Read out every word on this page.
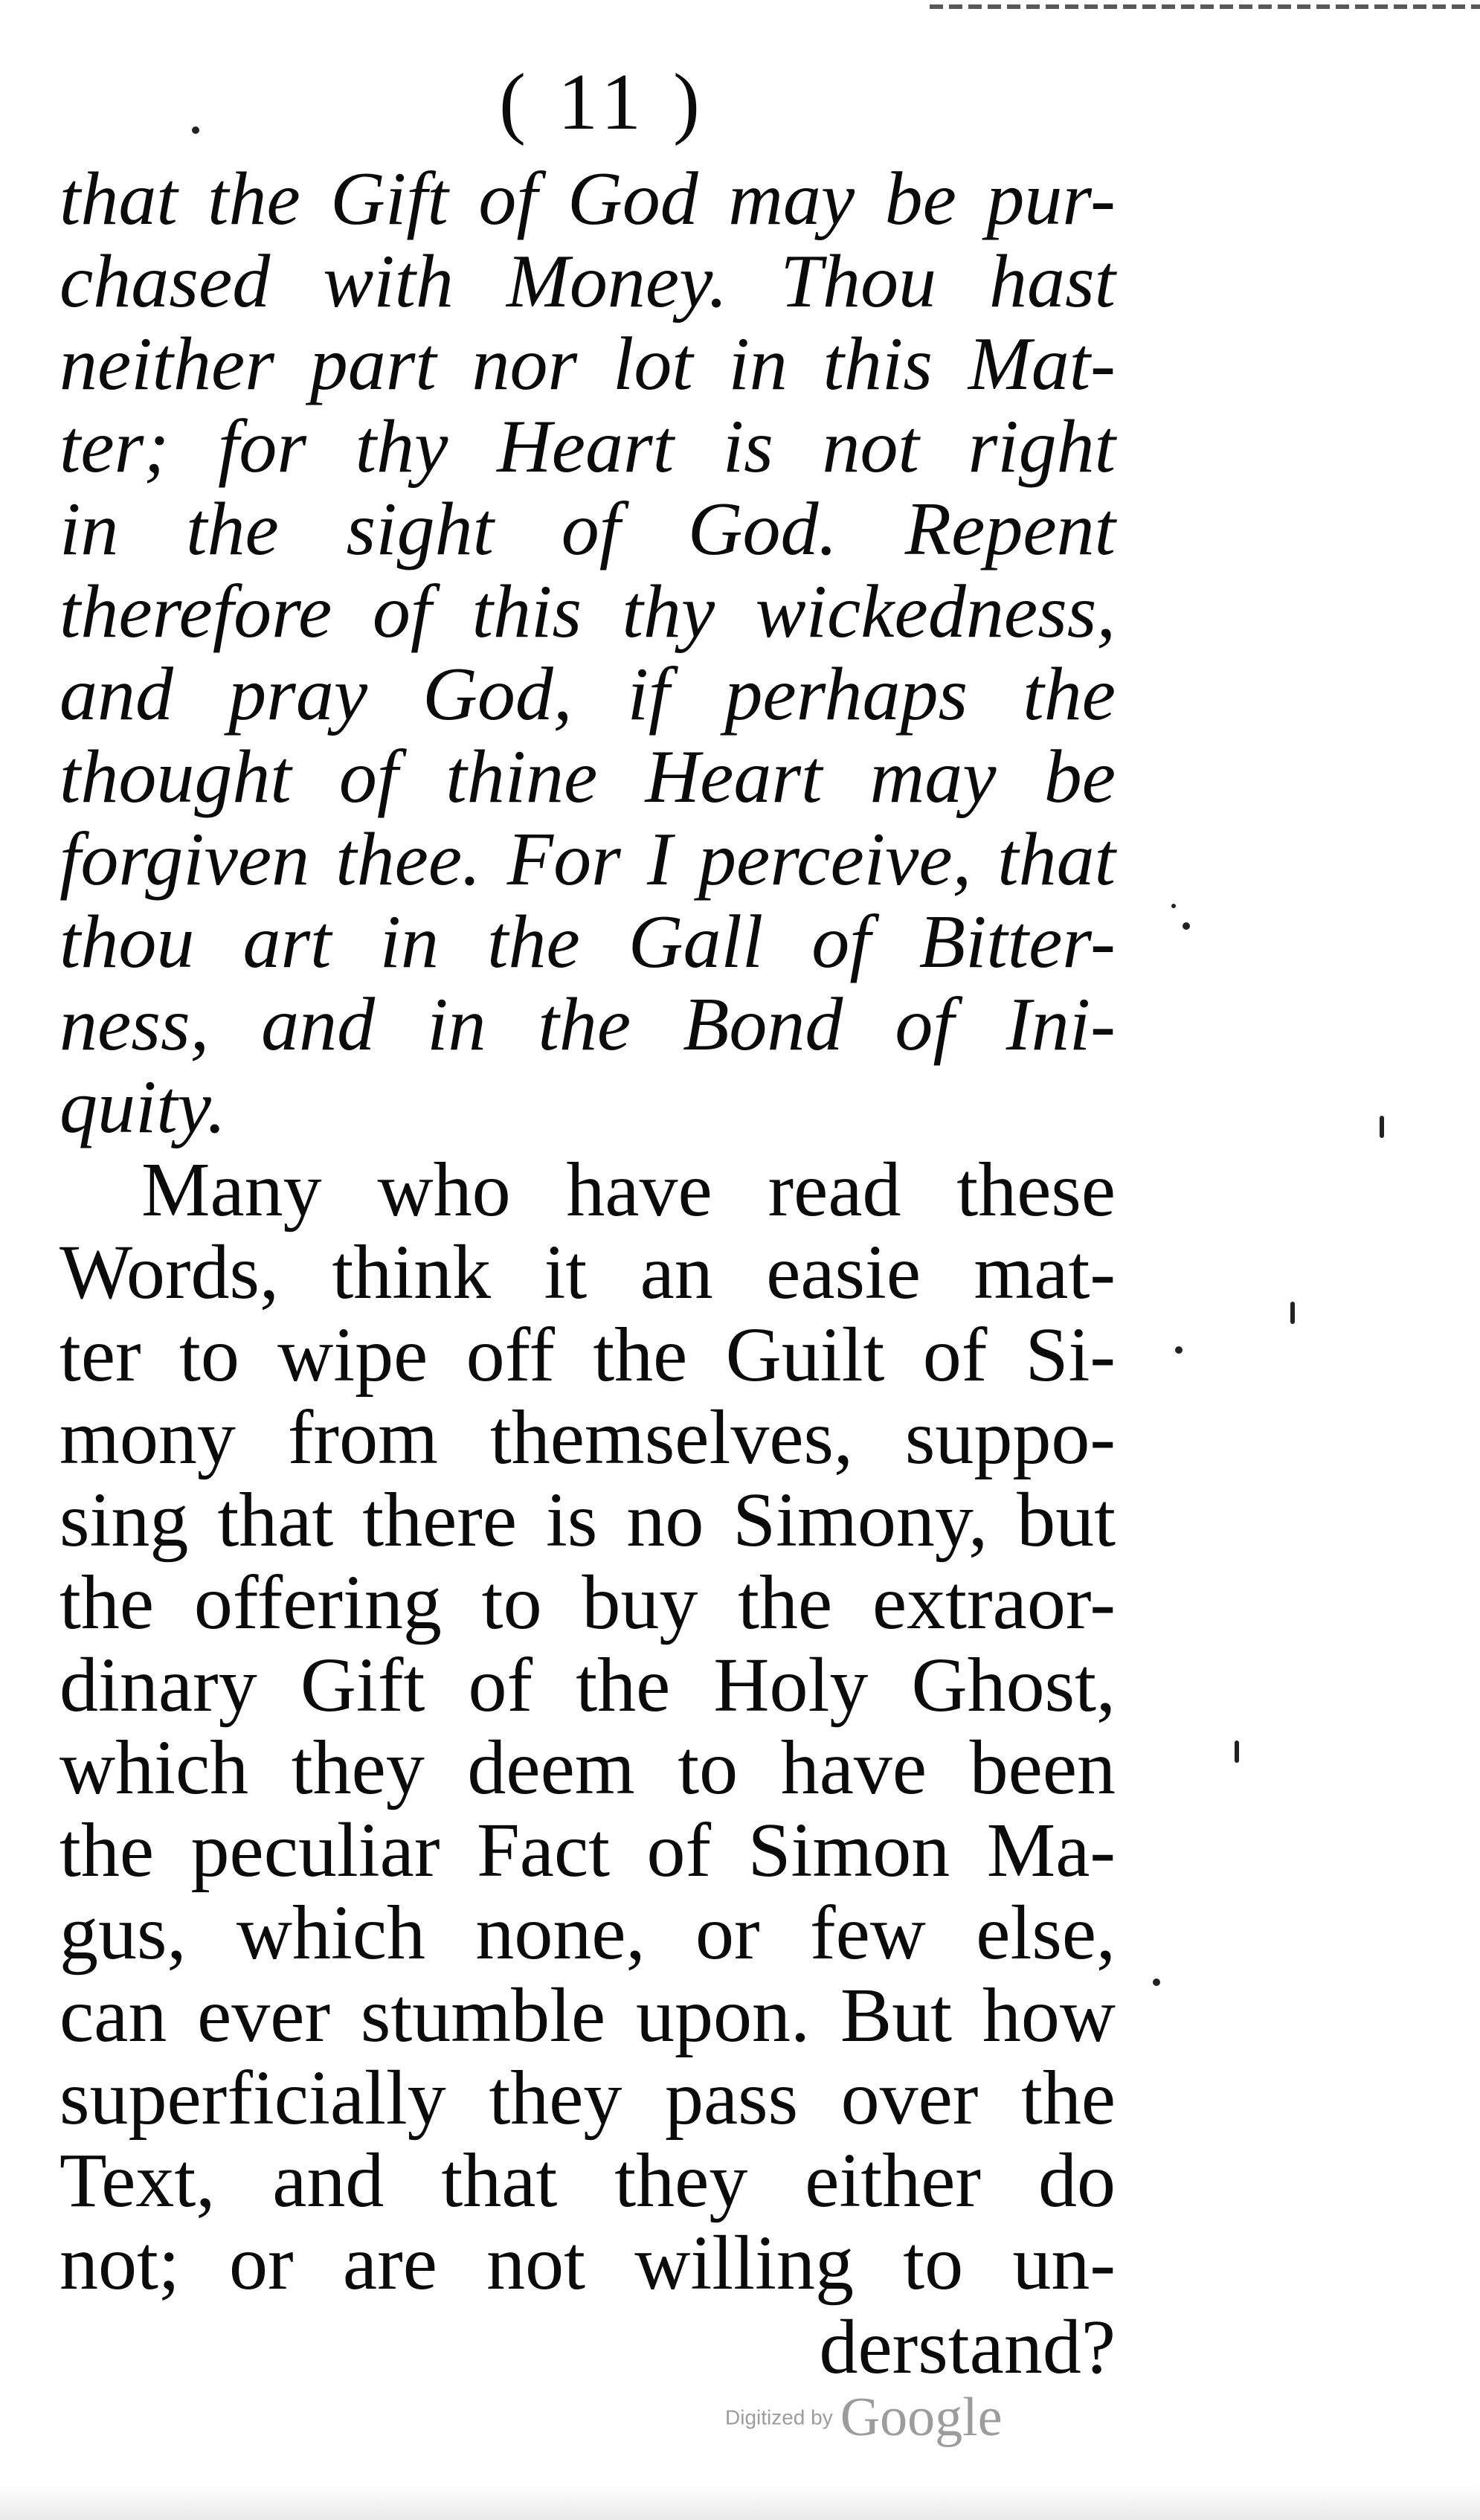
( 11 )
that the Gift of God may be pur-
chased with Money. Thou hast
neither part nor lot in this Mat-
ter; for thy Heart is not right
in the sight of God. Repent
therefore of this thy wickedness,
and pray God, if perhaps the
thought of thine Heart may be
forgiven thee. For I perceive, that
thou art in the Gall of Bitter-
ness, and in the Bond of Ini-
quity.
Many who have read these
Words, think it an easie mat-
ter to wipe off the Guilt of Si-
mony from themselves, suppo-
sing that there is no Simony, but
the offering to buy the extraor-
dinary Gift of the Holy Ghost,
which they deem to have been
the peculiar Fact of Simon Ma-
gus, which none, or few else,
can ever stumble upon. But how
superficially they pass over the
Text, and that they either do
not; or are not willing to un-
derstand?
Digitized by Google
